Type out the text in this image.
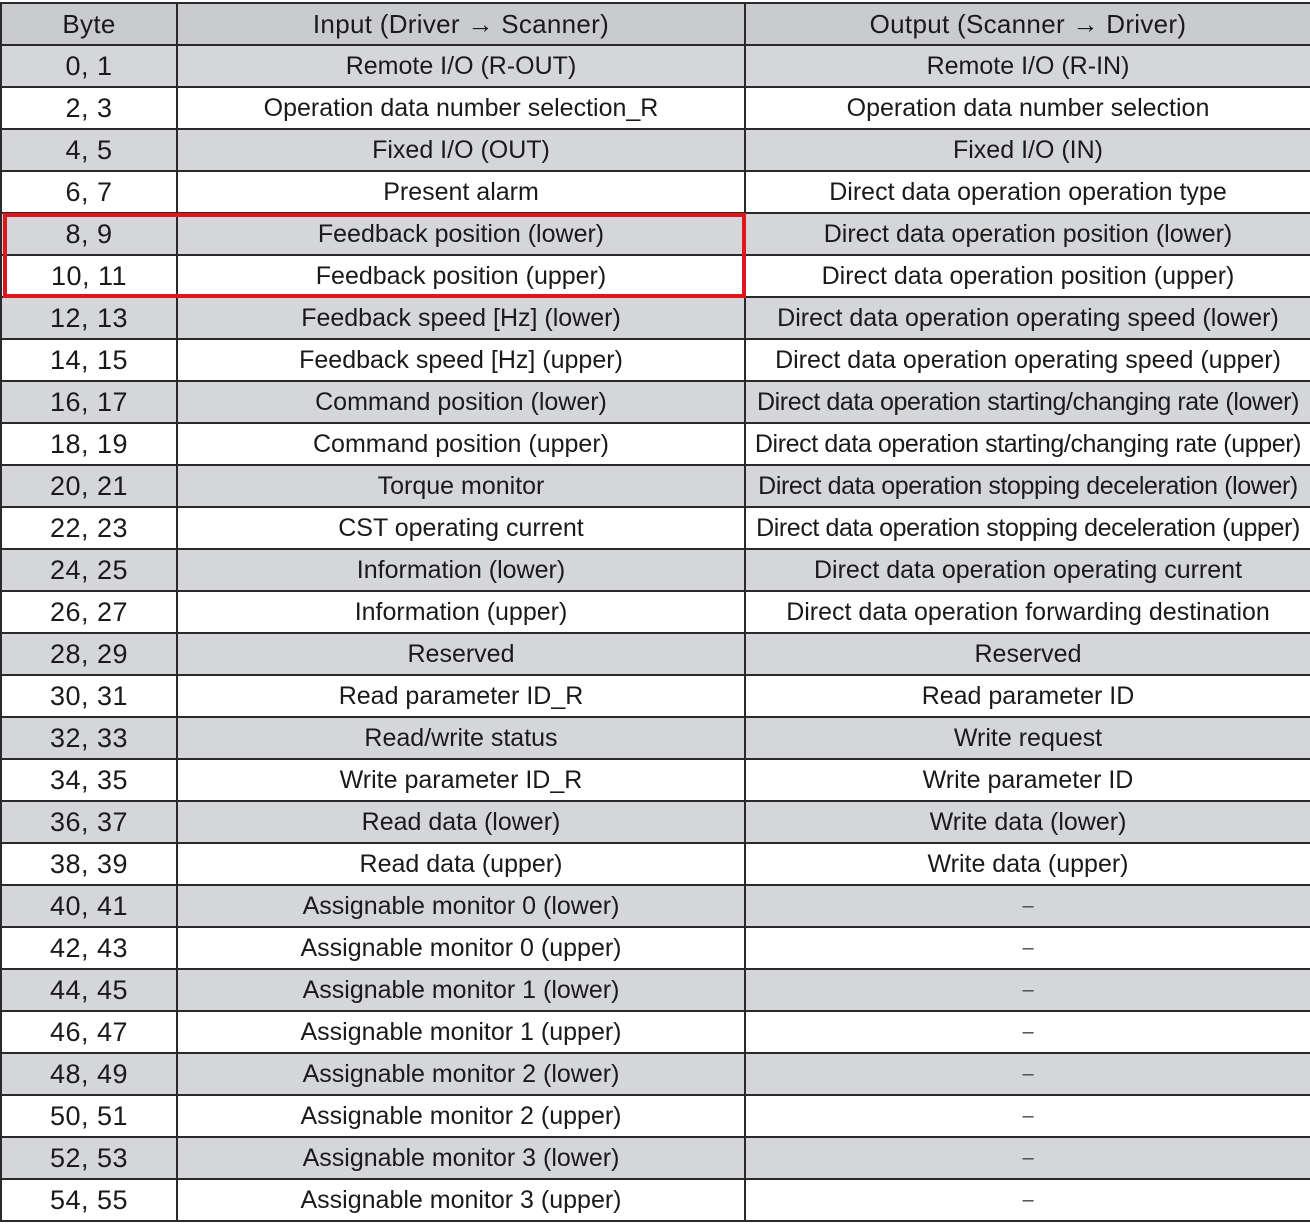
Byte	Input (Driver → Scanner)	Output (Scanner → Driver)
0, 1	Remote I/O (R-OUT)	Remote I/O (R-IN)
2, 3	Operation data number selection_R	Operation data number selection
4, 5	Fixed I/O (OUT)	Fixed I/O (IN)
6, 7	Present alarm	Direct data operation operation type
8, 9	Feedback position (lower)	Direct data operation position (lower)
10, 11	Feedback position (upper)	Direct data operation position (upper)
12, 13	Feedback speed [Hz] (lower)	Direct data operation operating speed (lower)
14, 15	Feedback speed [Hz] (upper)	Direct data operation operating speed (upper)
16, 17	Command position (lower)	Direct data operation starting/changing rate (lower)
18, 19	Command position (upper)	Direct data operation starting/changing rate (upper)
20, 21	Torque monitor	Direct data operation stopping deceleration (lower)
22, 23	CST operating current	Direct data operation stopping deceleration (upper)
24, 25	Information (lower)	Direct data operation operating current
26, 27	Information (upper)	Direct data operation forwarding destination
28, 29	Reserved	Reserved
30, 31	Read parameter ID_R	Read parameter ID
32, 33	Read/write status	Write request
34, 35	Write parameter ID_R	Write parameter ID
36, 37	Read data (lower)	Write data (lower)
38, 39	Read data (upper)	Write data (upper)
40, 41	Assignable monitor 0 (lower)	–
42, 43	Assignable monitor 0 (upper)	–
44, 45	Assignable monitor 1 (lower)	–
46, 47	Assignable monitor 1 (upper)	–
48, 49	Assignable monitor 2 (lower)	–
50, 51	Assignable monitor 2 (upper)	–
52, 53	Assignable monitor 3 (lower)	–
54, 55	Assignable monitor 3 (upper)	–
